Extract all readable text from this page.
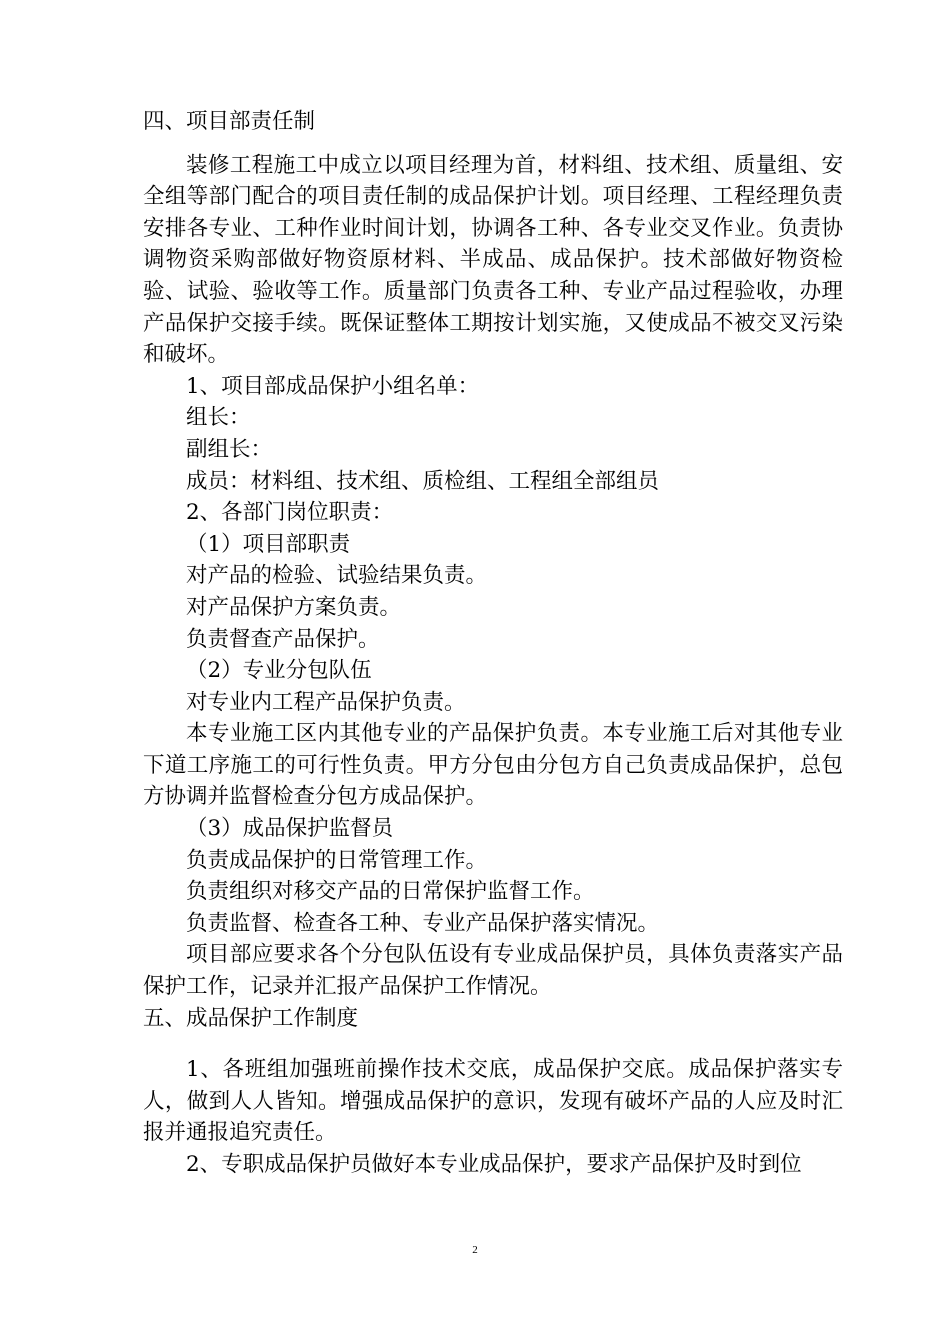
四、项目部责任制

装修工程施工中成立以项目经理为首，材料组、技术组、质量组、安全组等部门配合的项目责任制的成品保护计划。项目经理、工程经理负责安排各专业、工种作业时间计划，协调各工种、各专业交叉作业。负责协调物资采购部做好物资原材料、半成品、成品保护。技术部做好物资检验、试验、验收等工作。质量部门负责各工种、专业产品过程验收，办理产品保护交接手续。既保证整体工期按计划实施，又使成品不被交叉污染和破坏。

1、项目部成品保护小组名单：

组长：

副组长：

成员：材料组、技术组、质检组、工程组全部组员

2、各部门岗位职责：

（1）项目部职责

对产品的检验、试验结果负责。

对产品保护方案负责。

负责督查产品保护。

（2）专业分包队伍

对专业内工程产品保护负责。

本专业施工区内其他专业的产品保护负责。本专业施工后对其他专业下道工序施工的可行性负责。甲方分包由分包方自己负责成品保护，总包方协调并监督检查分包方成品保护。

（3）成品保护监督员

负责成品保护的日常管理工作。

负责组织对移交产品的日常保护监督工作。

负责监督、检查各工种、专业产品保护落实情况。

项目部应要求各个分包队伍设有专业成品保护员，具体负责落实产品保护工作，记录并汇报产品保护工作情况。

五、成品保护工作制度

1、各班组加强班前操作技术交底，成品保护交底。成品保护落实专人，做到人人皆知。增强成品保护的意识，发现有破坏产品的人应及时汇报并通报追究责任。

2、专职成品保护员做好本专业成品保护，要求产品保护及时到位

2
